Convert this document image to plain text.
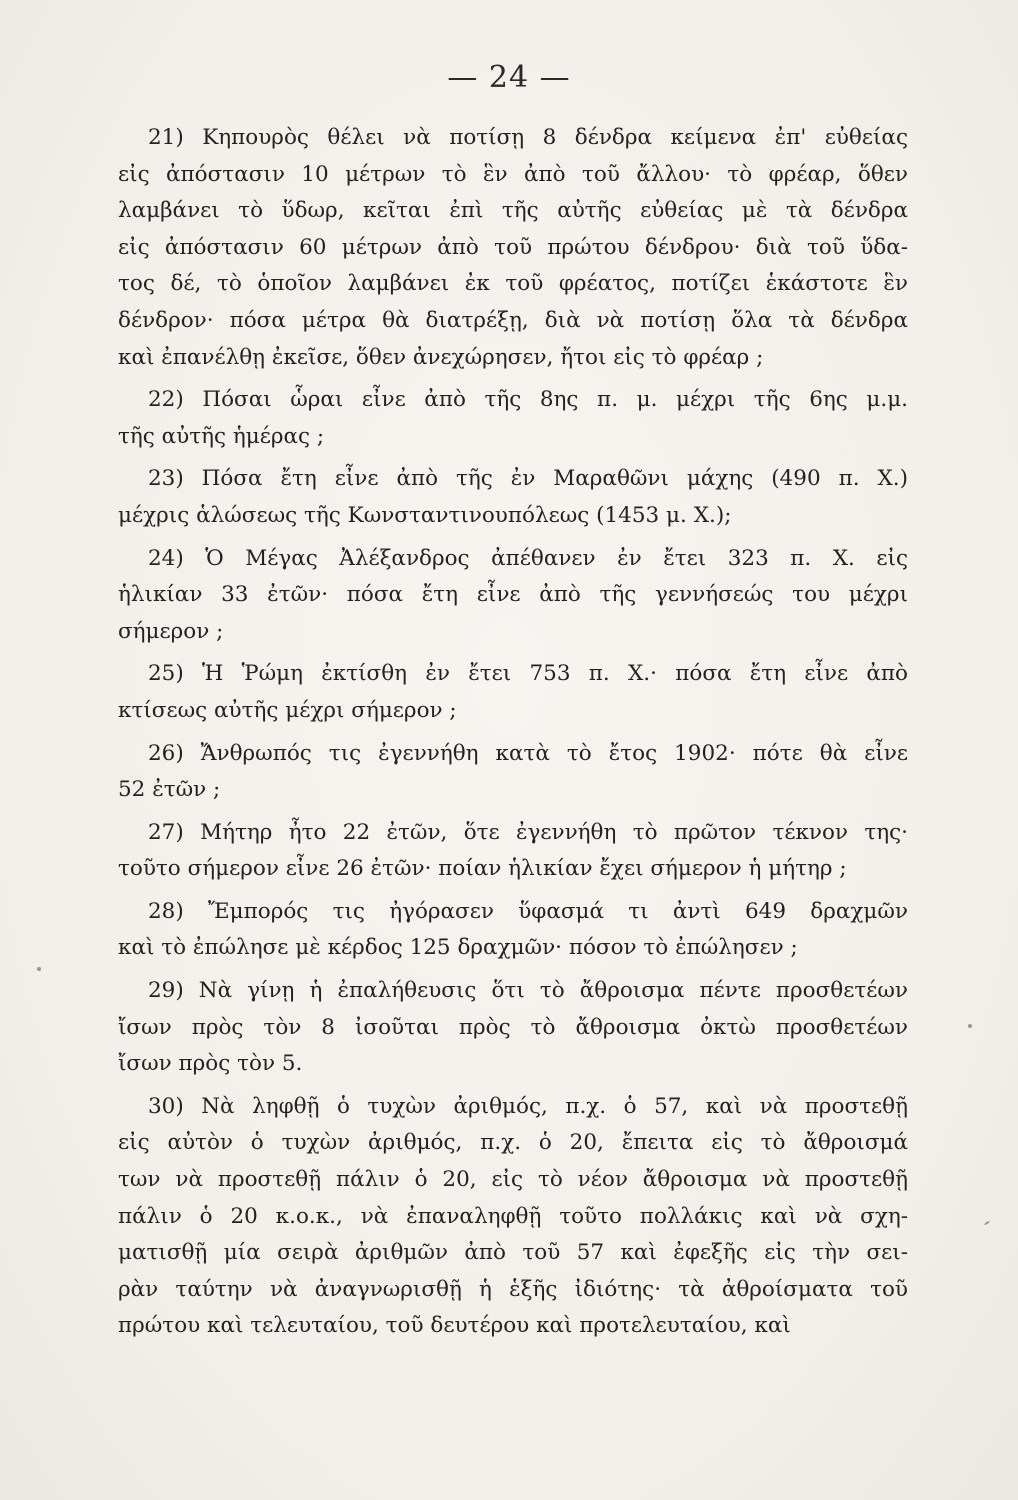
— 24 —
21) Κηπουρὸς θέλει νὰ ποτίσῃ 8 δένδρα κείμενα ἐπ' εὐθείας
εἰς ἀπόστασιν 10 μέτρων τὸ ἓν ἀπὸ τοῦ ἄλλου· τὸ φρέαρ, ὅθεν
λαμβάνει τὸ ὕδωρ, κεῖται ἐπὶ τῆς αὐτῆς εὐθείας μὲ τὰ δένδρα
εἰς ἀπόστασιν 60 μέτρων ἀπὸ τοῦ πρώτου δένδρου· διὰ τοῦ ὕδα-
τος δέ, τὸ ὁποῖον λαμβάνει ἐκ τοῦ φρέατος, ποτίζει ἑκάστοτε ἓν
δένδρον· πόσα μέτρα θὰ διατρέξῃ, διὰ νὰ ποτίσῃ ὅλα τὰ δένδρα
καὶ ἐπανέλθῃ ἐκεῖσε, ὅθεν ἀνεχώρησεν, ἤτοι εἰς τὸ φρέαρ ;
22) Πόσαι ὧραι εἶνε ἀπὸ τῆς 8ης π. μ. μέχρι τῆς 6ης μ.μ.
τῆς αὐτῆς ἡμέρας ;
23) Πόσα ἔτη εἶνε ἀπὸ τῆς ἐν Μαραθῶνι μάχης (490 π. Χ.)
μέχρις ἁλώσεως τῆς Κωνσταντινουπόλεως (1453 μ. Χ.);
24) Ὁ Μέγας Ἀλέξανδρος ἀπέθανεν ἐν ἔτει 323 π. Χ. εἰς
ἡλικίαν 33 ἐτῶν· πόσα ἔτη εἶνε ἀπὸ τῆς γεννήσεώς του μέχρι
σήμερον ;
25) Ἡ Ῥώμη ἐκτίσθη ἐν ἔτει 753 π. Χ.· πόσα ἔτη εἶνε ἀπὸ
κτίσεως αὐτῆς μέχρι σήμερον ;
26) Ἄνθρωπός τις ἐγεννήθη κατὰ τὸ ἔτος 1902· πότε θὰ εἶνε
52 ἐτῶν ;
27) Μήτηρ ἦτο 22 ἐτῶν, ὅτε ἐγεννήθη τὸ πρῶτον τέκνον της·
τοῦτο σήμερον εἶνε 26 ἐτῶν· ποίαν ἡλικίαν ἔχει σήμερον ἡ μήτηρ ;
28) Ἔμπορός τις ἠγόρασεν ὕφασμά τι ἀντὶ 649 δραχμῶν
καὶ τὸ ἐπώλησε μὲ κέρδος 125 δραχμῶν· πόσον τὸ ἐπώλησεν ;
29) Νὰ γίνῃ ἡ ἐπαλήθευσις ὅτι τὸ ἄθροισμα πέντε προσθετέων
ἴσων πρὸς τὸν 8 ἰσοῦται πρὸς τὸ ἄθροισμα ὀκτὼ προσθετέων
ἴσων πρὸς τὸν 5.
30) Νὰ ληφθῇ ὁ τυχὼν ἀριθμός, π.χ. ὁ 57, καὶ νὰ προστεθῇ
εἰς αὐτὸν ὁ τυχὼν ἀριθμός, π.χ. ὁ 20, ἔπειτα εἰς τὸ ἄθροισμά
των νὰ προστεθῇ πάλιν ὁ 20, εἰς τὸ νέον ἄθροισμα νὰ προστεθῇ
πάλιν ὁ 20 κ.ο.κ., νὰ ἐπαναληφθῇ τοῦτο πολλάκις καὶ νὰ σχη-
ματισθῇ μία σειρὰ ἀριθμῶν ἀπὸ τοῦ 57 καὶ ἐφεξῆς εἰς τὴν σει-
ρὰν ταύτην νὰ ἀναγνωρισθῇ ἡ ἑξῆς ἰδιότης· τὰ ἀθροίσματα τοῦ
πρώτου καὶ τελευταίου, τοῦ δευτέρου καὶ προτελευταίου, καὶ
